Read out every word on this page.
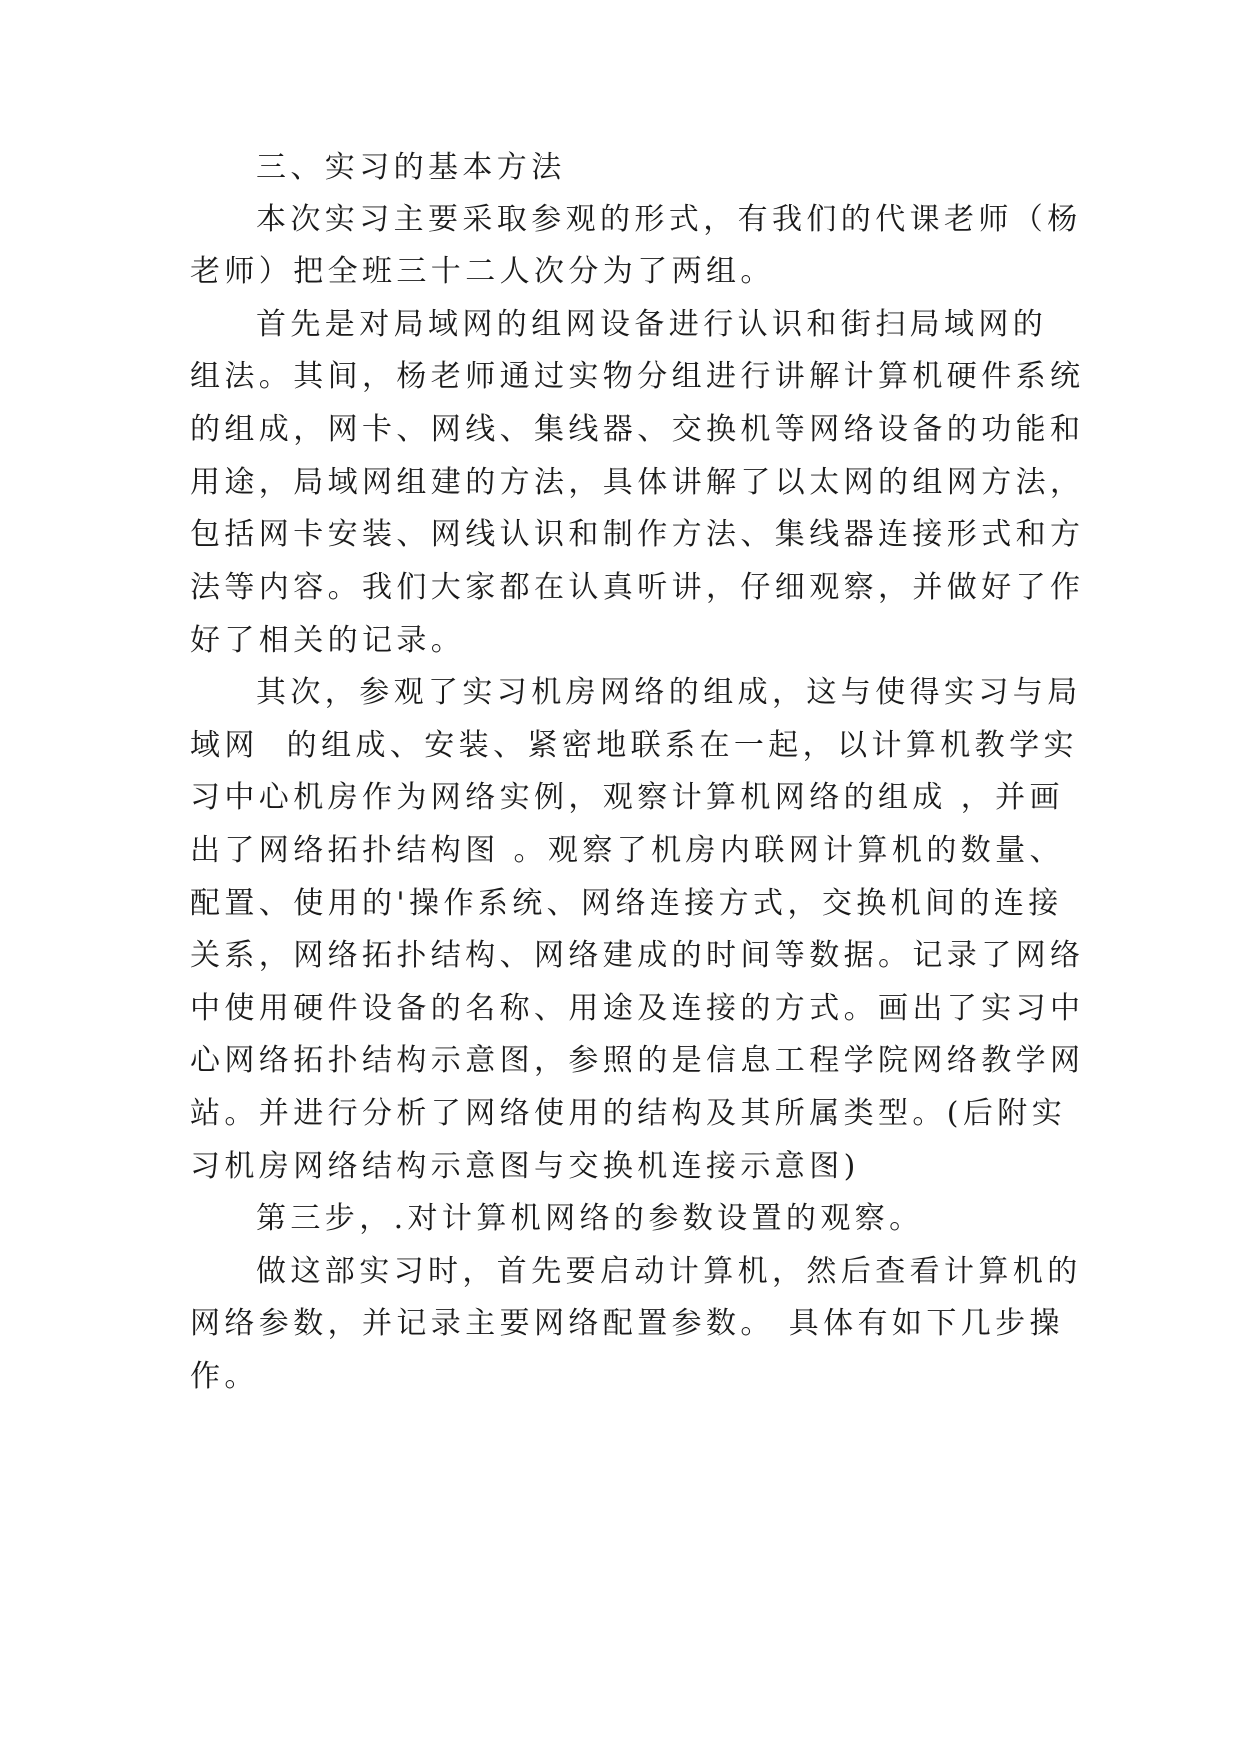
三、实习的基本方法
本次实习主要采取参观的形式，有我们的代课老师（杨
老师）把全班三十二人次分为了两组。
首先是对局域网的组网设备进行认识和街扫局域网的
组法。其间，杨老师通过实物分组进行讲解计算机硬件系统
的组成，网卡、网线、集线器、交换机等网络设备的功能和
用途，局域网组建的方法，具体讲解了以太网的组网方法，
包括网卡安装、网线认识和制作方法、集线器连接形式和方
法等内容。我们大家都在认真听讲，仔细观察，并做好了作
好了相关的记录。
其次，参观了实习机房网络的组成，这与使得实习与局
域网  的组成、安装、紧密地联系在一起，以计算机教学实
习中心机房作为网络实例，观察计算机网络的组成 ，并画
出了网络拓扑结构图 。观察了机房内联网计算机的数量、
配置、使用的'操作系统、网络连接方式，交换机间的连接
关系，网络拓扑结构、网络建成的时间等数据。记录了网络
中使用硬件设备的名称、用途及连接的方式。画出了实习中
心网络拓扑结构示意图，参照的是信息工程学院网络教学网
站。并进行分析了网络使用的结构及其所属类型。(后附实
习机房网络结构示意图与交换机连接示意图)
第三步，.对计算机网络的参数设置的观察。
做这部实习时，首先要启动计算机，然后查看计算机的
网络参数，并记录主要网络配置参数。 具体有如下几步操
作。
